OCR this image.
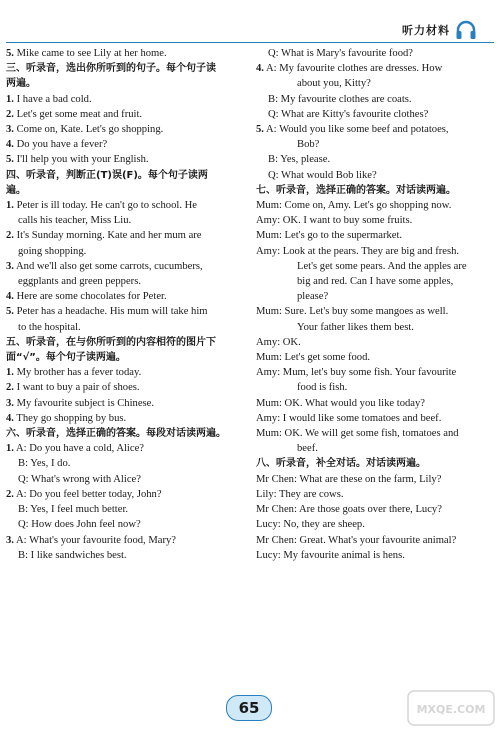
听力材料
5. Mike came to see Lily at her home.
三、听录音，选出你所听到的句子。每个句子读
两遍。
1. I have a bad cold.
2. Let's get some meat and fruit.
3. Come on, Kate. Let's go shopping.
4. Do you have a fever?
5. I'll help you with your English.
四、听录音，判断正(T)误(F)。每个句子读两
遍。
1. Peter is ill today. He can't go to school. He
calls his teacher, Miss Liu.
2. It's Sunday morning. Kate and her mum are
going shopping.
3. And we'll also get some carrots, cucumbers,
eggplants and green peppers.
4. Here are some chocolates for Peter.
5. Peter has a headache. His mum will take him
to the hospital.
五、听录音，在与你所听到的内容相符的图片下
面“√”。每个句子读两遍。
1. My brother has a fever today.
2. I want to buy a pair of shoes.
3. My favourite subject is Chinese.
4. They go shopping by bus.
六、听录音，选择正确的答案。每段对话读两遍。
1. A: Do you have a cold, Alice?
B: Yes, I do.
Q: What's wrong with Alice?
2. A: Do you feel better today, John?
B: Yes, I feel much better.
Q: How does John feel now?
3. A: What's your favourite food, Mary?
B: I like sandwiches best.
Q: What is Mary's favourite food?
4. A: My favourite clothes are dresses. How
about you, Kitty?
B: My favourite clothes are coats.
Q: What are Kitty's favourite clothes?
5. A: Would you like some beef and potatoes,
Bob?
B: Yes, please.
Q: What would Bob like?
七、听录音，选择正确的答案。对话读两遍。
Mum: Come on, Amy. Let's go shopping now.
Amy: OK. I want to buy some fruits.
Mum: Let's go to the supermarket.
Amy: Look at the pears. They are big and fresh.
Let's get some pears. And the apples are
big and red. Can I have some apples,
please?
Mum: Sure. Let's buy some mangoes as well.
Your father likes them best.
Amy: OK.
Mum: Let's get some food.
Amy: Mum, let's buy some fish. Your favourite
food is fish.
Mum: OK. What would you like today?
Amy: I would like some tomatoes and beef.
Mum: OK. We will get some fish, tomatoes and
beef.
八、听录音，补全对话。对话读两遍。
Mr Chen: What are these on the farm, Lily?
Lily: They are cows.
Mr Chen: Are those goats over there, Lucy?
Lucy: No, they are sheep.
Mr Chen: Great. What's your favourite animal?
Lucy: My favourite animal is hens.
65	MXQE.COM
